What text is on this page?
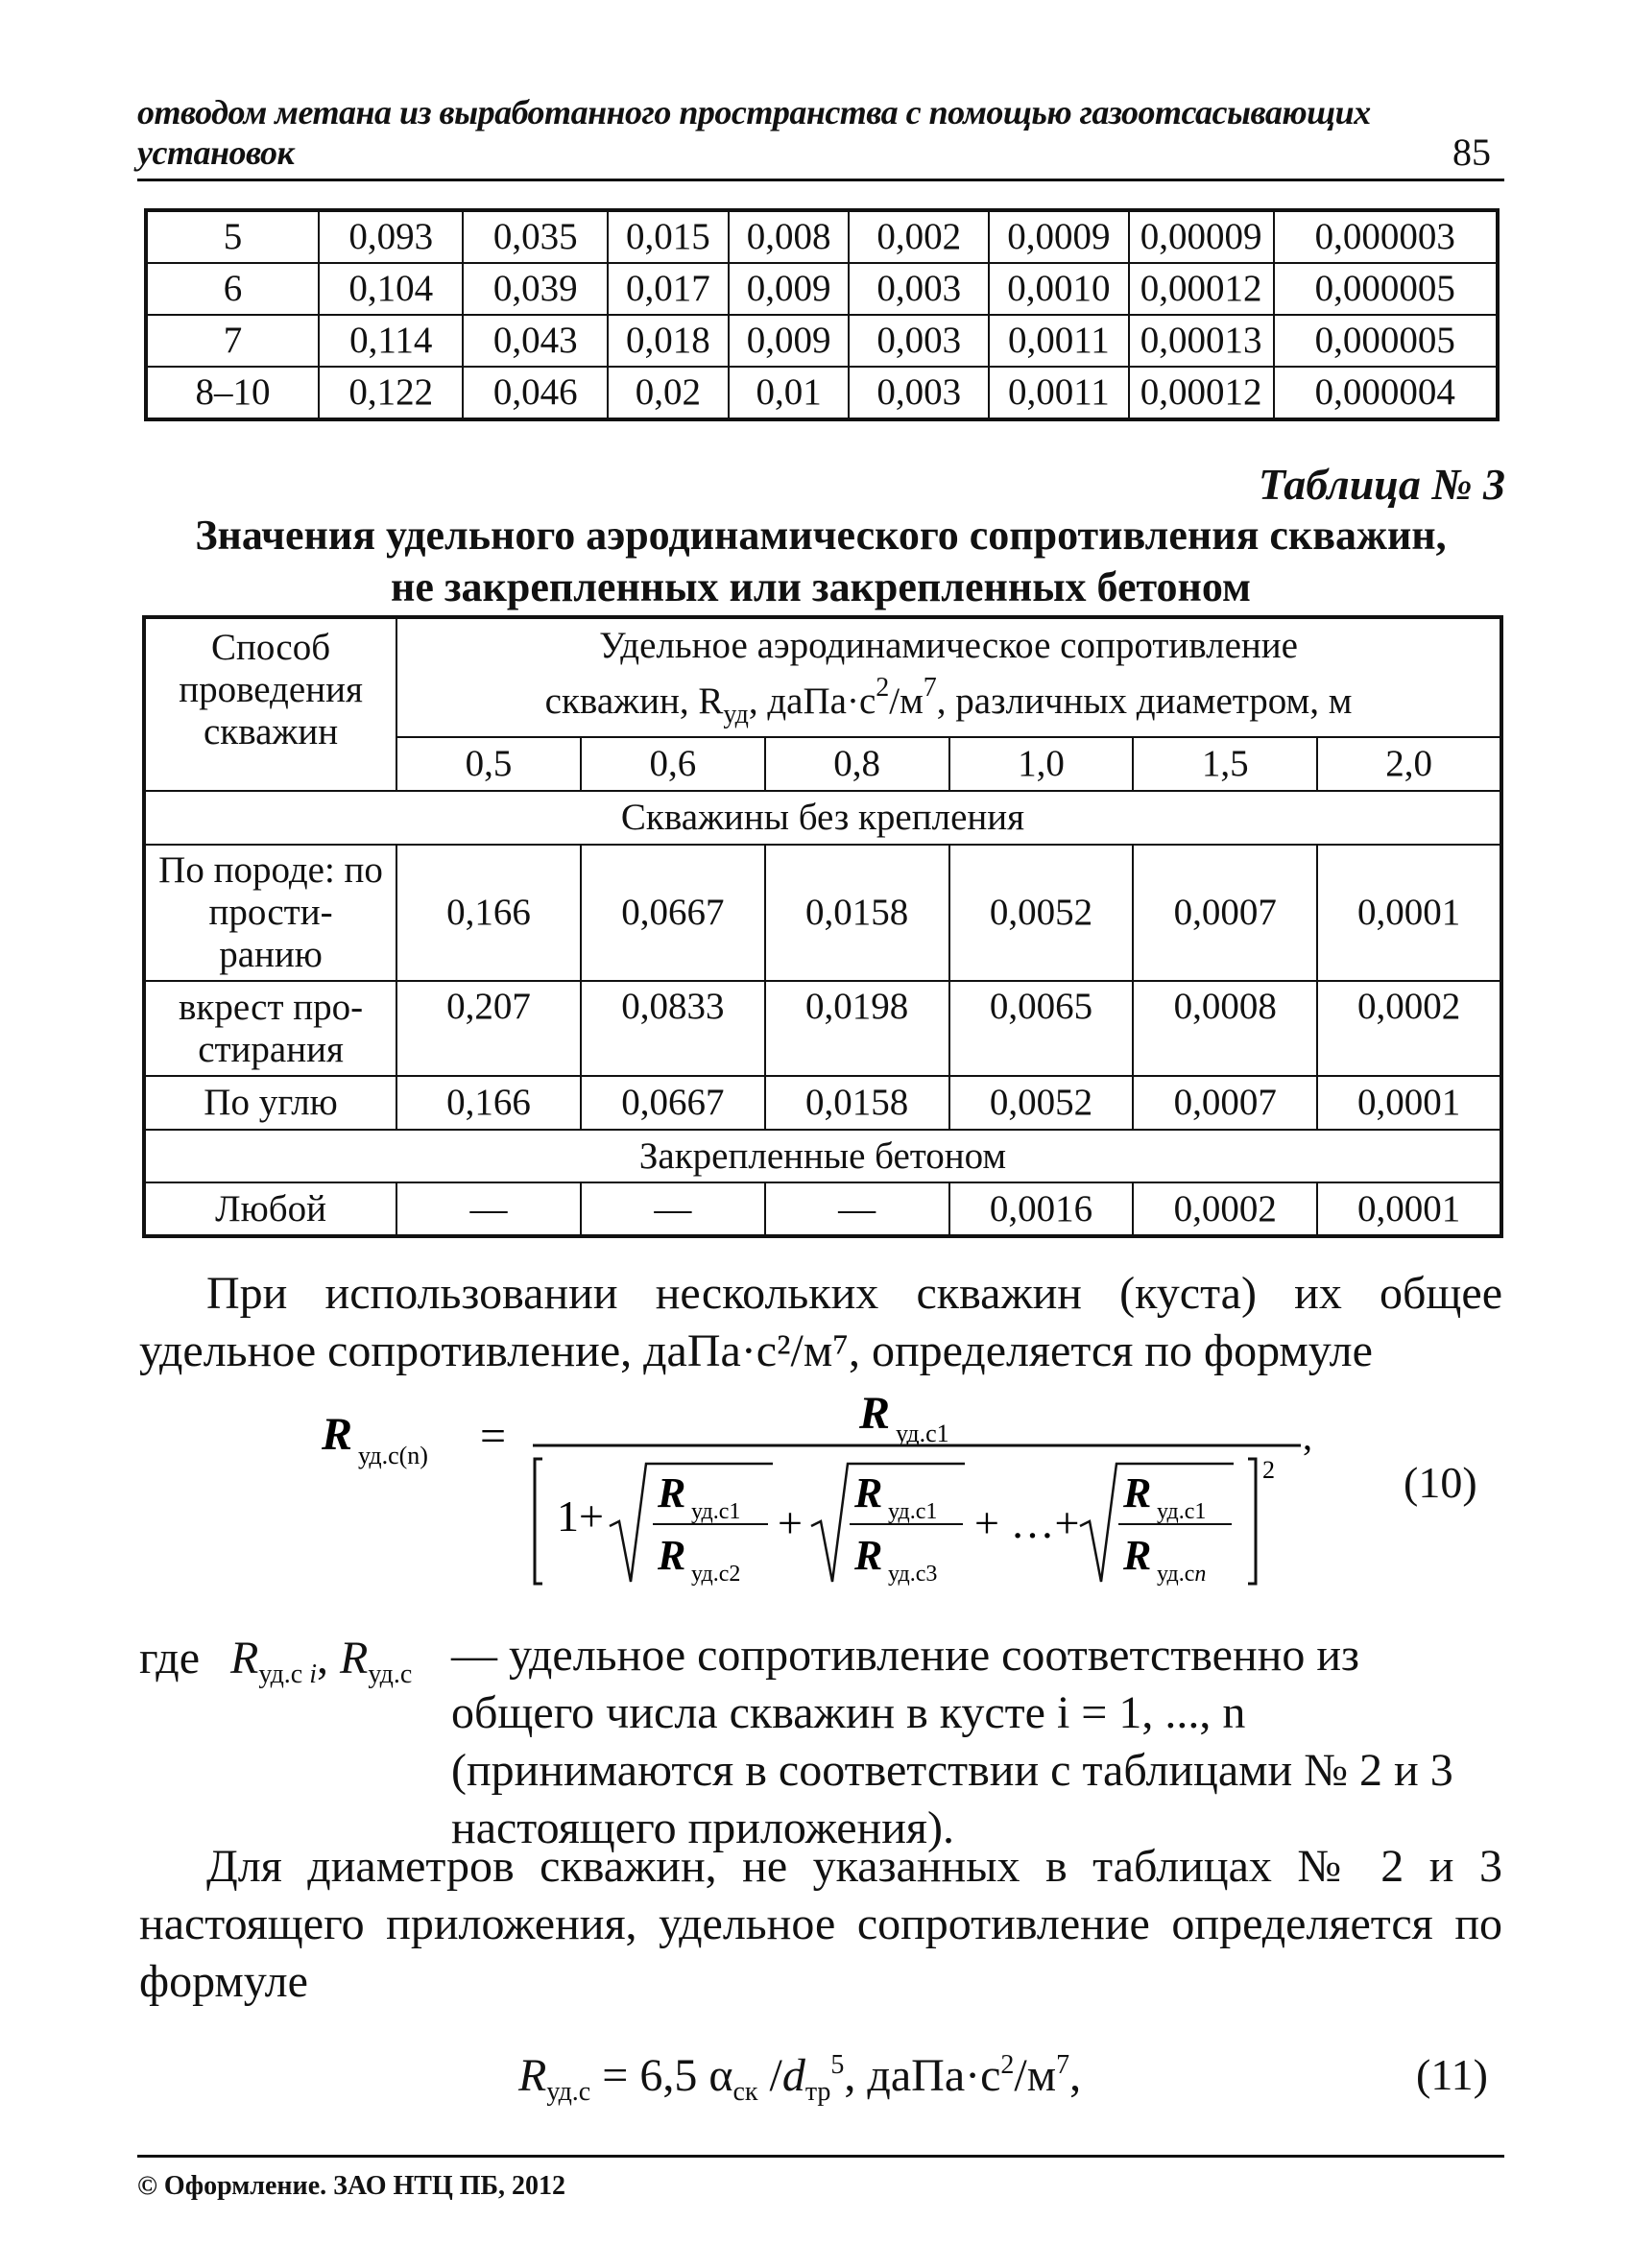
отводом метана из выработанного пространства с помощью газоотсасывающих установок	85
5	0,093	0,035	0,015	0,008	0,002	0,0009	0,00009	0,000003
6	0,104	0,039	0,017	0,009	0,003	0,0010	0,00012	0,000005
7	0,114	0,043	0,018	0,009	0,003	0,0011	0,00013	0,000005
8–10	0,122	0,046	0,02	0,01	0,003	0,0011	0,00012	0,000004
Таблица № 3
Значения удельного аэродинамического сопротивления скважин,
не закрепленных или закрепленных бетоном
Способ проведения скважин	Удельное аэродинамическое сопротивление
скважин, $R_{уд}$, $даПа\cdot с^2/м^7$, различных диаметром, м					

	0,5	0,6	0,8	1,0	1,5	2,0
Скважины без крепления						
По породе: по прости-ранию	0,166	0,0667	0,0158	0,0052	0,0007	0,0001
вкрест про-стирания	0,207	0,0833	0,0198	0,0065	0,0008	0,0002
По углю	0,166	0,0667	0,0158	0,0052	0,0007	0,0001
Закрепленные бетоном						
Любой	—	—	—	0,0016	0,0002	0,0001
При использовании нескольких скважин (куста) их общее удельное сопротивление, даПа·с²/м⁷, определяется по формуле
R уд.с(n) =	R уд.с1	,
2
1+ R уд.с1
R уд.с2
+
R уд.с1
R уд.с3
+ …+
R уд.с1
R уд.сn
(10)
где $R_{уд.с i}$, $R_{уд.с}$ — удельное сопротивление соответственно из общего числа скважин в кусте i = 1, ..., n (принимаются в соответствии с таблицами № 2 и 3 настоящего приложения).
Для диаметров скважин, не указанных в таблицах № 2 и 3 настоящего приложения, удельное сопротивление определяется по формуле
$R_{уд.с} = 6,5$ $\alpha_{ск}$ $/d_{тр}^5$, $даПа\cdot с^2/м^7$,	(11)
© Оформление. ЗАО НТЦ ПБ, 2012
